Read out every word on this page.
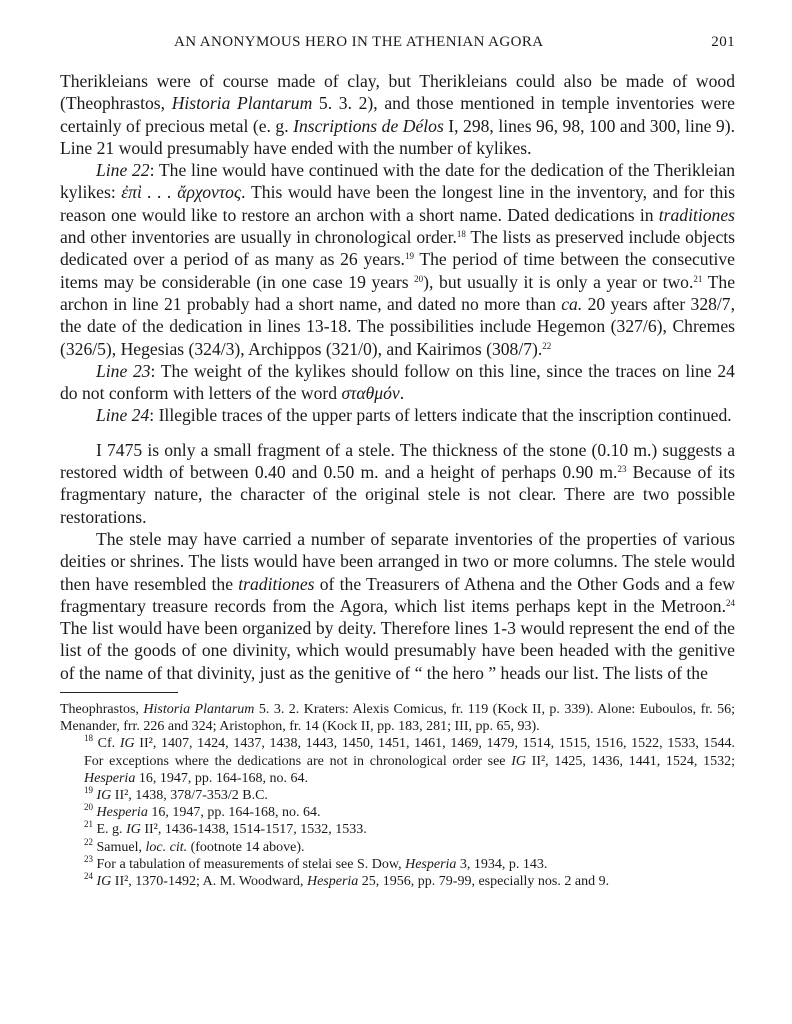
AN ANONYMOUS HERO IN THE ATHENIAN AGORA	201

Therikleians were of course made of clay, but Therikleians could also be made of wood (Theophrastos, Historia Plantarum 5. 3. 2), and those mentioned in temple inventories were certainly of precious metal (e. g. Inscriptions de Délos I, 298, lines 96, 98, 100 and 300, line 9). Line 21 would presumably have ended with the number of kylikes.

Line 22: The line would have continued with the date for the dedication of the Therikleian kylikes: ἐπὶ . . . ἄρχοντος. This would have been the longest line in the inventory, and for this reason one would like to restore an archon with a short name. Dated dedications in traditiones and other inventories are usually in chronological order.$^{18}$ The lists as preserved include objects dedicated over a period of as many as 26 years.$^{19}$ The period of time between the consecutive items may be considerable (in one case 19 years $^{20}$), but usually it is only a year or two.$^{21}$ The archon in line 21 probably had a short name, and dated no more than ca. 20 years after 328/7, the date of the dedication in lines 13-18. The possibilities include Hegemon (327/6), Chremes (326/5), Hegesias (324/3), Archippos (321/0), and Kairimos (308/7).$^{22}$

Line 23: The weight of the kylikes should follow on this line, since the traces on line 24 do not conform with letters of the word σταθμόν.

Line 24: Illegible traces of the upper parts of letters indicate that the inscription continued.

I 7475 is only a small fragment of a stele. The thickness of the stone (0.10 m.) suggests a restored width of between 0.40 and 0.50 m. and a height of perhaps 0.90 m.$^{23}$ Because of its fragmentary nature, the character of the original stele is not clear. There are two possible restorations.

The stele may have carried a number of separate inventories of the properties of various deities or shrines. The lists would have been arranged in two or more columns. The stele would then have resembled the traditiones of the Treasurers of Athena and the Other Gods and a few fragmentary treasure records from the Agora, which list items perhaps kept in the Metroon.$^{24}$ The list would have been organized by deity. Therefore lines 1-3 would represent the end of the list of the goods of one divinity, which would presumably have been headed with the genitive of the name of that divinity, just as the genitive of “ the hero ” heads our list. The lists of the

Theophrastos, Historia Plantarum 5. 3. 2. Kraters: Alexis Comicus, fr. 119 (Kock II, p. 339). Alone: Euboulos, fr. 56; Menander, frr. 226 and 324; Aristophon, fr. 14 (Kock II, pp. 183, 281; III, pp. 65, 93).

$^{18}$ Cf. IG II², 1407, 1424, 1437, 1438, 1443, 1450, 1451, 1461, 1469, 1479, 1514, 1515, 1516, 1522, 1533, 1544. For exceptions where the dedications are not in chronological order see IG II², 1425, 1436, 1441, 1524, 1532; Hesperia 16, 1947, pp. 164-168, no. 64.

$^{19}$ IG II², 1438, 378/7-353/2 B.C.

$^{20}$ Hesperia 16, 1947, pp. 164-168, no. 64.

$^{21}$ E. g. IG II², 1436-1438, 1514-1517, 1532, 1533.

$^{22}$ Samuel, loc. cit. (footnote 14 above).

$^{23}$ For a tabulation of measurements of stelai see S. Dow, Hesperia 3, 1934, p. 143.

$^{24}$ IG II², 1370-1492; A. M. Woodward, Hesperia 25, 1956, pp. 79-99, especially nos. 2 and 9.
